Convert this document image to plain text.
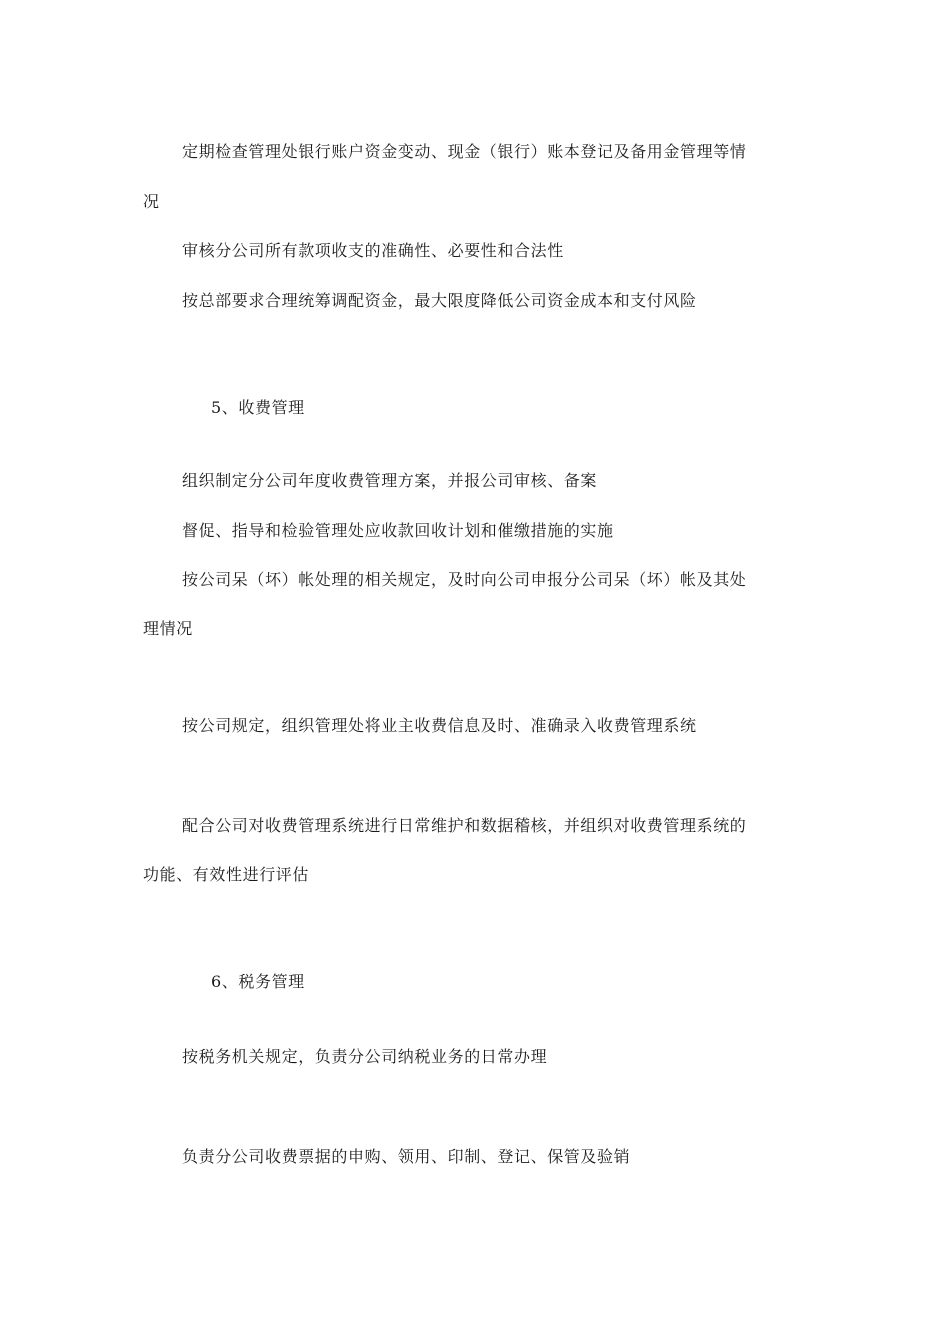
定期检查管理处银行账户资金变动、现金（银行）账本登记及备用金管理等情
况
审核分公司所有款项收支的准确性、必要性和合法性
按总部要求合理统筹调配资金，最大限度降低公司资金成本和支付风险
5、收费管理
组织制定分公司年度收费管理方案，并报公司审核、备案
督促、指导和检验管理处应收款回收计划和催缴措施的实施
按公司呆（坏）帐处理的相关规定，及时向公司申报分公司呆（坏）帐及其处
理情况
按公司规定，组织管理处将业主收费信息及时、准确录入收费管理系统
配合公司对收费管理系统进行日常维护和数据稽核，并组织对收费管理系统的
功能、有效性进行评估
6、税务管理
按税务机关规定，负责分公司纳税业务的日常办理
负责分公司收费票据的申购、领用、印制、登记、保管及验销
